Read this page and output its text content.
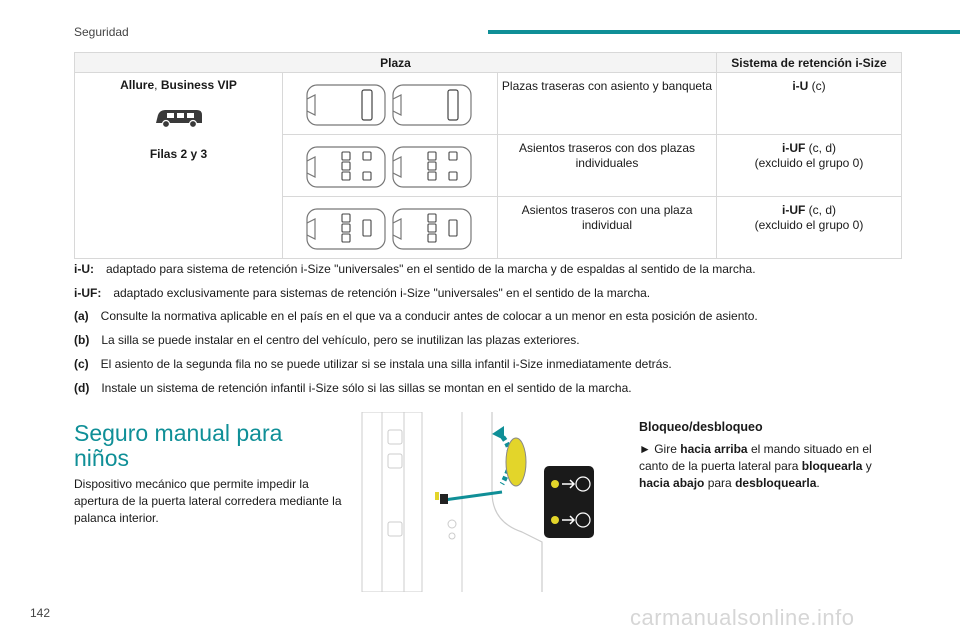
Seguridad
Plaza			Sistema de retención i-Size

Allure, Business VIP
Filas 2 y 3		Plazas traseras con asiento y banqueta	i-U (c)

	Asientos traseros con dos plazas individuales	i-UF (c, d)
(excluido el grupo 0)

	Asientos traseros con una plaza individual	i-UF (c, d)
(excluido el grupo 0)
i-U: adaptado para sistema de retención i-Size "universales" en el sentido de la marcha y de espaldas al sentido de la marcha.
i-UF: adaptado exclusivamente para sistemas de retención i-Size "universales" en el sentido de la marcha.
(a) Consulte la normativa aplicable en el país en el que va a conducir antes de colocar a un menor en esta posición de asiento.
(b) La silla se puede instalar en el centro del vehículo, pero se inutilizan las plazas exteriores.
(c) El asiento de la segunda fila no se puede utilizar si se instala una silla infantil i-Size inmediatamente detrás.
(d) Instale un sistema de retención infantil i-Size sólo si las sillas se montan en el sentido de la marcha.
Seguro manual para niños
Dispositivo mecánico que permite impedir la apertura de la puerta lateral corredera mediante la palanca interior.
Bloqueo/desbloqueo
► Gire hacia arriba el mando situado en el canto de la puerta lateral para bloquearla y hacia abajo para desbloquearla.
142	carmanualsonline.info
